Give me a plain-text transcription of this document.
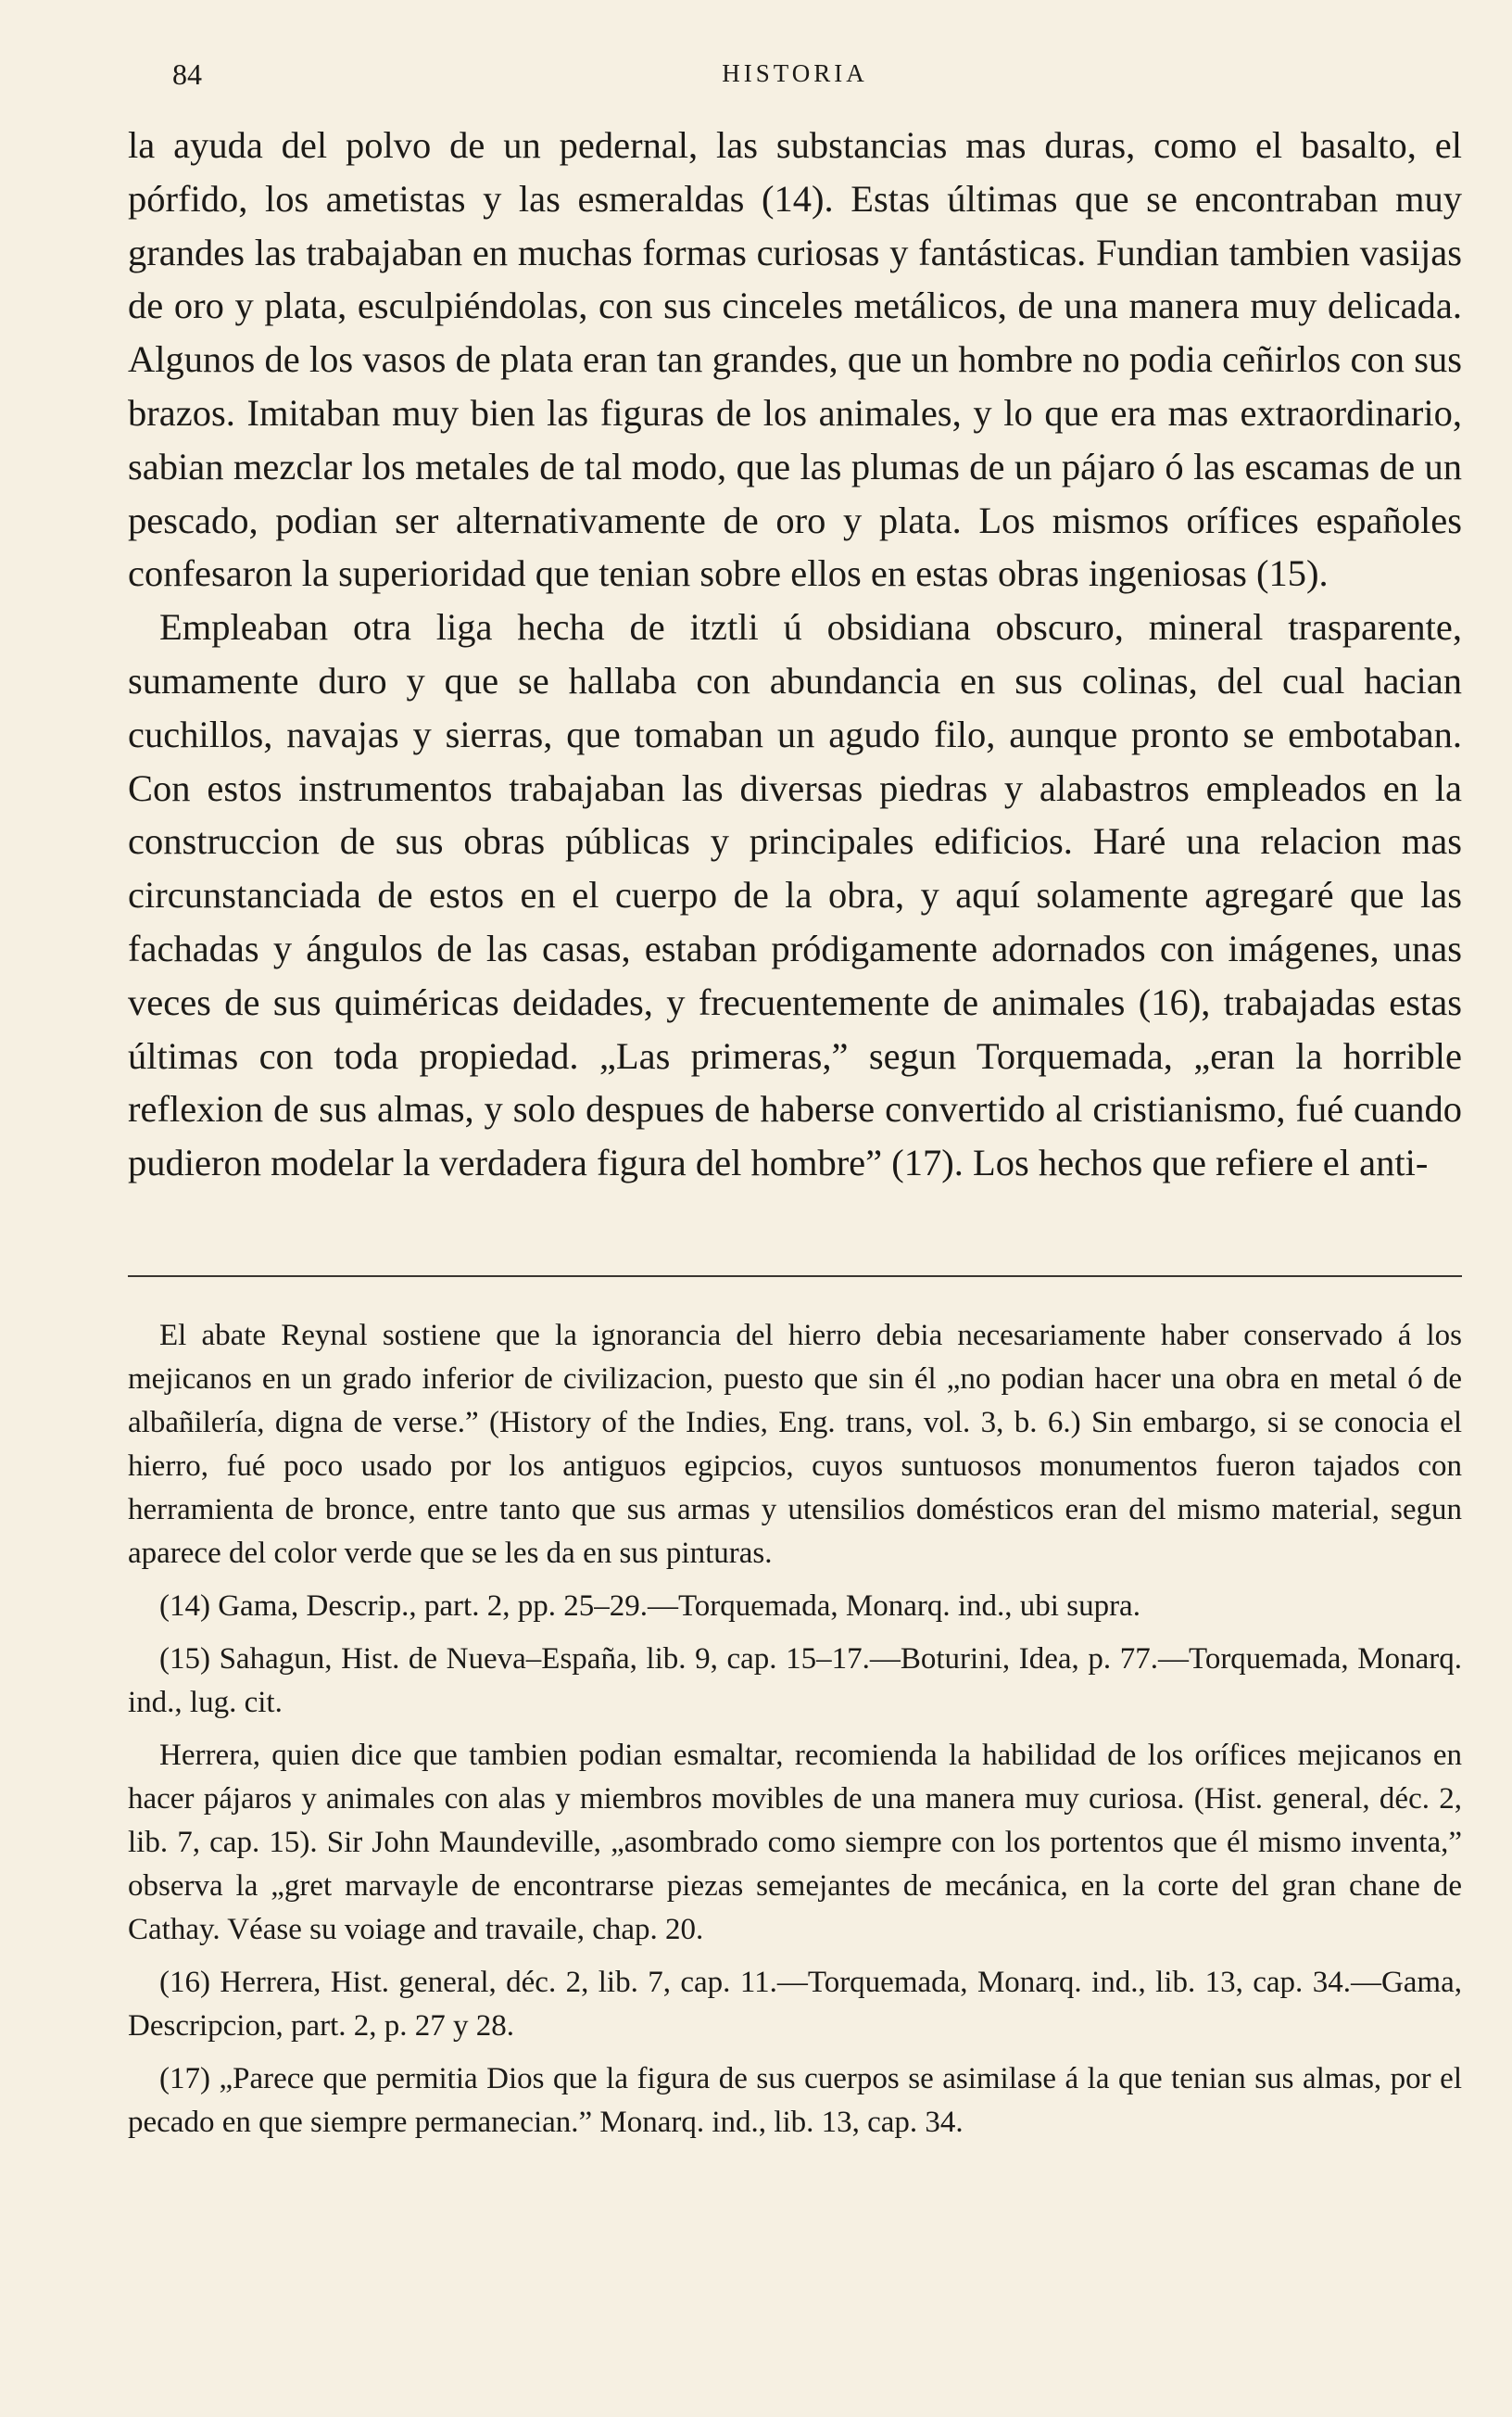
84	HISTORIA

la ayuda del polvo de un pedernal, las substancias mas duras, como el basalto, el pórfido, los ametistas y las esmeraldas (14). Estas últimas que se encontraban muy grandes las trabajaban en muchas formas curiosas y fantásticas. Fundian tambien vasijas de oro y plata, esculpiéndolas, con sus cinceles metálicos, de una manera muy delicada. Algunos de los vasos de plata eran tan grandes, que un hombre no podia ceñirlos con sus brazos. Imitaban muy bien las figuras de los animales, y lo que era mas extraordinario, sabian mezclar los metales de tal modo, que las plumas de un pájaro ó las escamas de un pescado, podian ser alternativamente de oro y plata. Los mismos orífices españoles confesaron la superioridad que tenian sobre ellos en estas obras ingeniosas (15).

Empleaban otra liga hecha de itztli ú obsidiana obscuro, mineral trasparente, sumamente duro y que se hallaba con abundancia en sus colinas, del cual hacian cuchillos, navajas y sierras, que tomaban un agudo filo, aunque pronto se embotaban. Con estos instrumentos trabajaban las diversas piedras y alabastros empleados en la construccion de sus obras públicas y principales edificios. Haré una relacion mas circunstanciada de estos en el cuerpo de la obra, y aquí solamente agregaré que las fachadas y ángulos de las casas, estaban pródigamente adornados con imágenes, unas veces de sus quiméricas deidades, y frecuentemente de animales (16), trabajadas estas últimas con toda propiedad. „Las primeras,” segun Torquemada, „eran la horrible reflexion de sus almas, y solo despues de haberse convertido al cristianismo, fué cuando pudieron modelar la verdadera figura del hombre” (17). Los hechos que refiere el anti-

El abate Reynal sostiene que la ignorancia del hierro debia necesariamente haber conservado á los mejicanos en un grado inferior de civilizacion, puesto que sin él „no podian hacer una obra en metal ó de albañilería, digna de verse.” (History of the Indies, Eng. trans, vol. 3, b. 6.) Sin embargo, si se conocia el hierro, fué poco usado por los antiguos egipcios, cuyos suntuosos monumentos fueron tajados con herramienta de bronce, entre tanto que sus armas y utensilios domésticos eran del mismo material, segun aparece del color verde que se les da en sus pinturas.

(14) Gama, Descrip., part. 2, pp. 25–29.—Torquemada, Monarq. ind., ubi supra.

(15) Sahagun, Hist. de Nueva–España, lib. 9, cap. 15–17.—Boturini, Idea, p. 77.—Torquemada, Monarq. ind., lug. cit.

Herrera, quien dice que tambien podian esmaltar, recomienda la habilidad de los orífices mejicanos en hacer pájaros y animales con alas y miembros movibles de una manera muy curiosa. (Hist. general, déc. 2, lib. 7, cap. 15). Sir John Maundeville, „asombrado como siempre con los portentos que él mismo inventa,” observa la „gret marvayle de encontrarse piezas semejantes de mecánica, en la corte del gran chane de Cathay. Véase su voiage and travaile, chap. 20.

(16) Herrera, Hist. general, déc. 2, lib. 7, cap. 11.—Torquemada, Monarq. ind., lib. 13, cap. 34.—Gama, Descripcion, part. 2, p. 27 y 28.

(17) „Parece que permitia Dios que la figura de sus cuerpos se asimilase á la que tenian sus almas, por el pecado en que siempre permanecian.” Monarq. ind., lib. 13, cap. 34.
